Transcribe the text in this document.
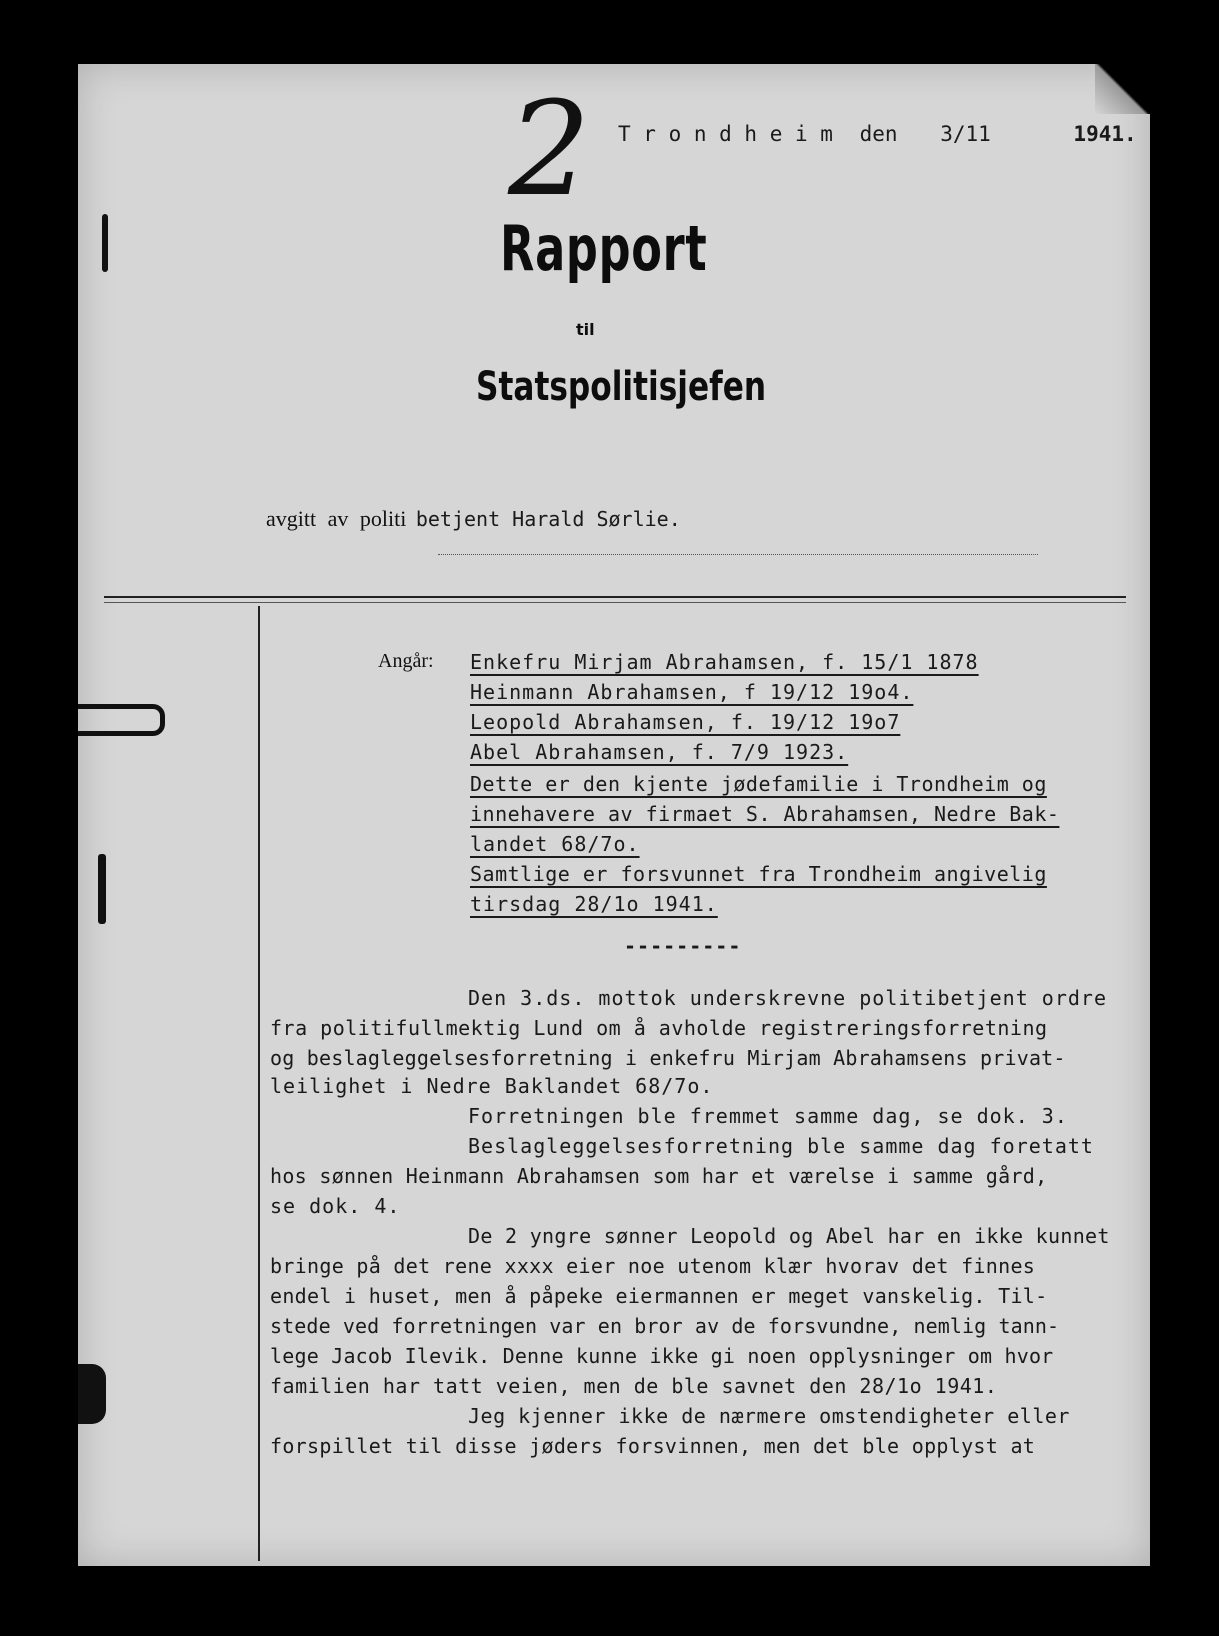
2 T r o n d h e i m den 3/11	1941.
Rapport
til
Statspolitisjefen
avgitt av politi betjent Harald Sørlie.
Angår: Enkefru Mirjam Abrahamsen, f. 15/1 1878
Heinmann Abrahamsen, f 19/12 19o4.
Leopold Abrahamsen, f. 19/12 19o7
Abel Abrahamsen, f. 7/9 1923.
Dette er den kjente jødefamilie i Trondheim og
innehavere av firmaet S. Abrahamsen, Nedre Bak-
landet 68/7o.
Samtlige er forsvunnet fra Trondheim angivelig
tirsdag 28/1o 1941.
---------
Den 3.ds. mottok underskrevne politibetjent ordre
fra politifullmektig Lund om å avholde registreringsforretning
og beslagleggelsesforretning i enkefru Mirjam Abrahamsens privat-
leilighet i Nedre Baklandet 68/7o.
Forretningen ble fremmet samme dag, se dok. 3.
Beslagleggelsesforretning ble samme dag foretatt
hos sønnen Heinmann Abrahamsen som har et værelse i samme gård,
se dok. 4.
De 2 yngre sønner Leopold og Abel har en ikke kunnet
bringe på det rene xxxx eier noe utenom klær hvorav det finnes
endel i huset, men å påpeke eiermannen er meget vanskelig. Til-
stede ved forretningen var en bror av de forsvundne, nemlig tann-
lege Jacob Ilevik. Denne kunne ikke gi noen opplysninger om hvor
familien har tatt veien, men de ble savnet den 28/1o 1941.
Jeg kjenner ikke de nærmere omstendigheter eller
forspillet til disse jøders forsvinnen, men det ble opplyst at
